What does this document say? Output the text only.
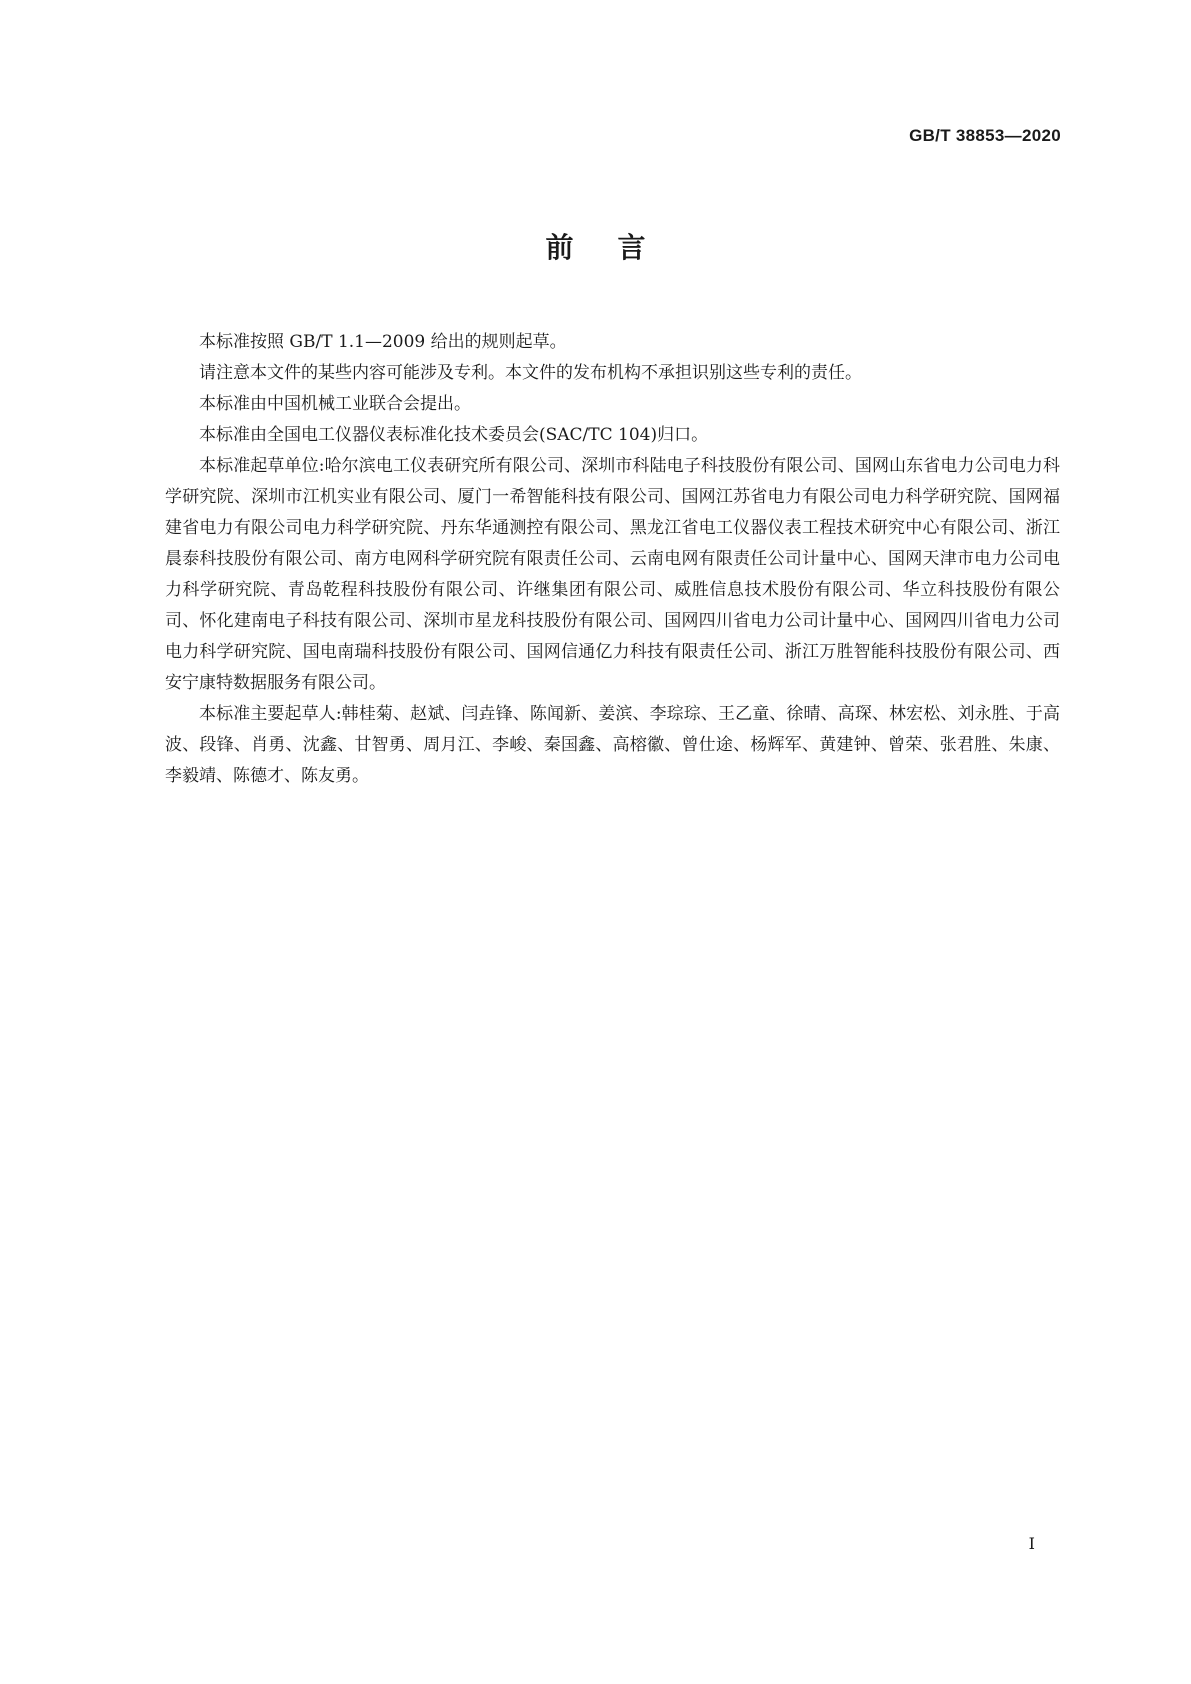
GB/T 38853—2020
前言

本标准按照 GB/T 1.1—2009 给出的规则起草。

请注意本文件的某些内容可能涉及专利。本文件的发布机构不承担识别这些专利的责任。

本标准由中国机械工业联合会提出。

本标准由全国电工仪器仪表标准化技术委员会(SAC/TC 104)归口。

本标准起草单位:哈尔滨电工仪表研究所有限公司、深圳市科陆电子科技股份有限公司、国网山东省电力公司电力科学研究院、深圳市江机实业有限公司、厦门一希智能科技有限公司、国网江苏省电力有限公司电力科学研究院、国网福建省电力有限公司电力科学研究院、丹东华通测控有限公司、黑龙江省电工仪器仪表工程技术研究中心有限公司、浙江晨泰科技股份有限公司、南方电网科学研究院有限责任公司、云南电网有限责任公司计量中心、国网天津市电力公司电力科学研究院、青岛乾程科技股份有限公司、许继集团有限公司、威胜信息技术股份有限公司、华立科技股份有限公司、怀化建南电子科技有限公司、深圳市星龙科技股份有限公司、国网四川省电力公司计量中心、国网四川省电力公司电力科学研究院、国电南瑞科技股份有限公司、国网信通亿力科技有限责任公司、浙江万胜智能科技股份有限公司、西安宁康特数据服务有限公司。

本标准主要起草人:韩桂菊、赵斌、闫垚锋、陈闻新、姜滨、李琮琮、王乙童、徐晴、高琛、林宏松、刘永胜、于高波、段锋、肖勇、沈鑫、甘智勇、周月江、李峻、秦国鑫、高榕徽、曾仕途、杨辉军、黄建钟、曾荣、张君胜、朱康、李毅靖、陈德才、陈友勇。

I
